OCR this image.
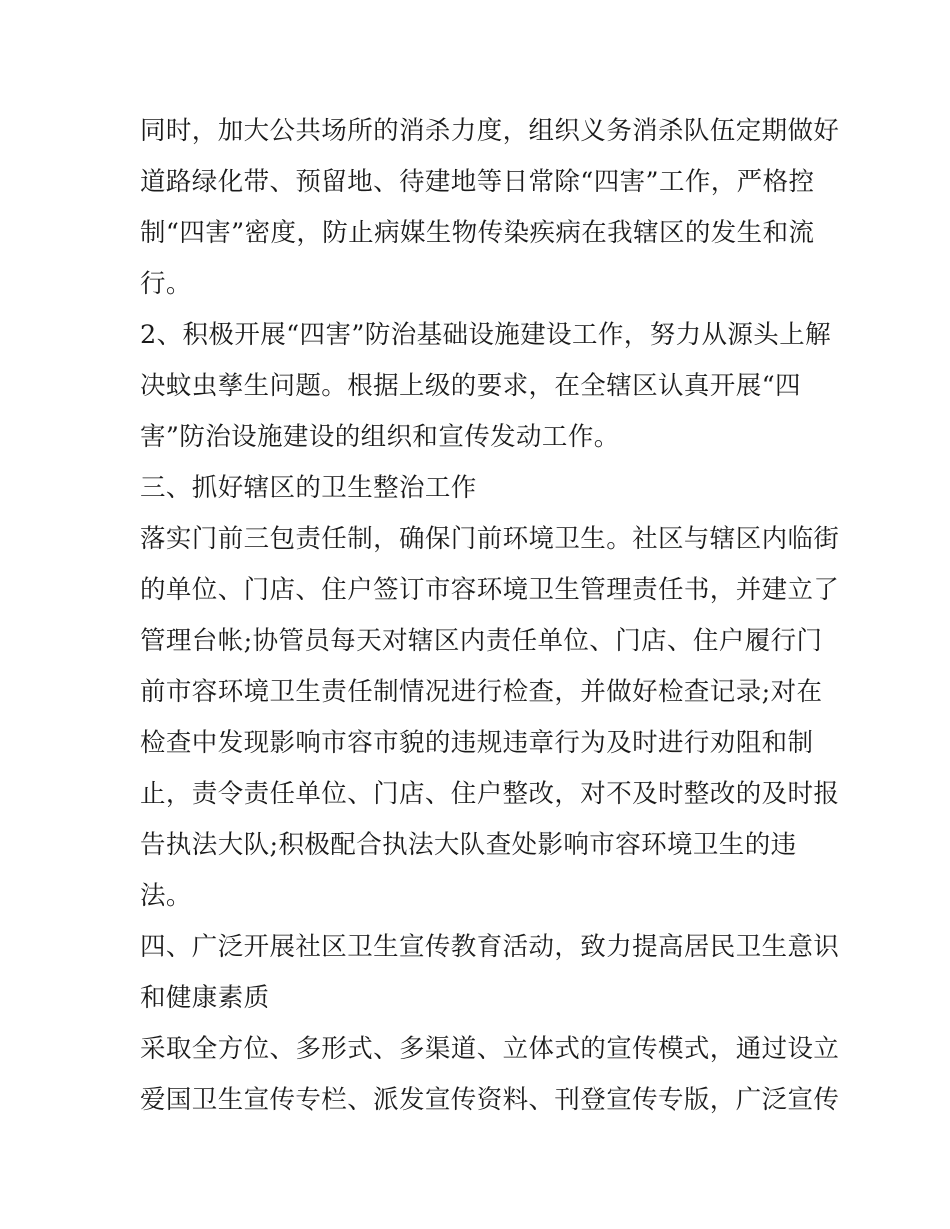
同时，加大公共场所的消杀力度，组织义务消杀队伍定期做好
道路绿化带、预留地、待建地等日常除“四害”工作，严格控
制“四害”密度，防止病媒生物传染疾病在我辖区的发生和流
行。
2、积极开展“四害”防治基础设施建设工作，努力从源头上解
决蚊虫孳生问题。根据上级的要求，在全辖区认真开展“四
害”防治设施建设的组织和宣传发动工作。
三、抓好辖区的卫生整治工作
落实门前三包责任制，确保门前环境卫生。社区与辖区内临街
的单位、门店、住户签订市容环境卫生管理责任书，并建立了
管理台帐;协管员每天对辖区内责任单位、门店、住户履行门
前市容环境卫生责任制情况进行检查，并做好检查记录;对在
检查中发现影响市容市貌的违规违章行为及时进行劝阻和制
止，责令责任单位、门店、住户整改，对不及时整改的及时报
告执法大队;积极配合执法大队查处影响市容环境卫生的违
法。
四、广泛开展社区卫生宣传教育活动，致力提高居民卫生意识
和健康素质
采取全方位、多形式、多渠道、立体式的宣传模式，通过设立
爱国卫生宣传专栏、派发宣传资料、刊登宣传专版，广泛宣传
